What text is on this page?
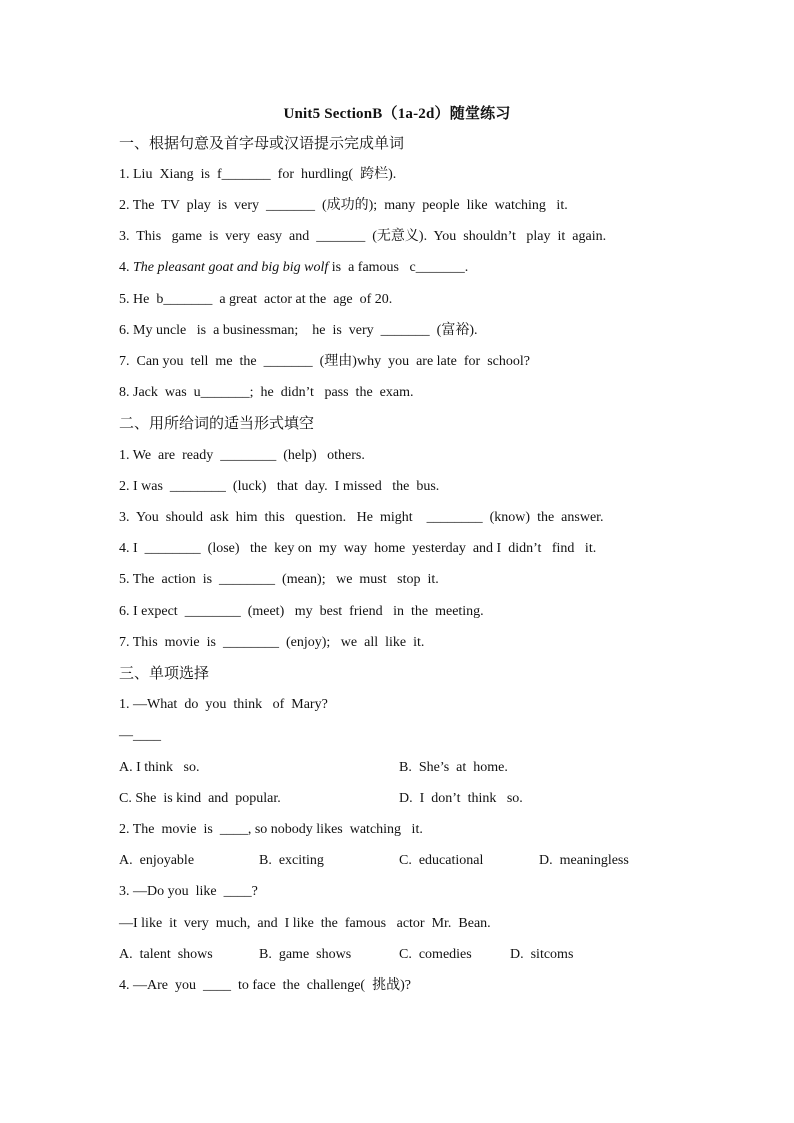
Unit5 SectionB（1a-2d）随堂练习
一、根据句意及首字母或汉语提示完成单词
1. Liu  Xiang  is  f_______  for  hurdling(  跨栏).
2. The  TV  play  is  very  _______  (成功的);  many  people  like  watching   it.
3.  This   game  is  very  easy  and  _______  (无意义).  You  shouldn’t   play  it  again.
4. The pleasant goat and big big wolf is  a famous   c_______.
5. He  b_______  a great  actor at the  age  of 20.
6. My uncle   is  a businessman;    he  is  very  _______  (富裕).
7.  Can you  tell  me  the  _______  (理由)why  you  are late  for  school?
8. Jack  was  u_______;  he  didn’t   pass  the  exam.
二、用所给词的适当形式填空
1. We  are  ready  ________  (help)   others.
2. I was  ________  (luck)   that  day.  I missed   the  bus.
3.  You  should  ask  him  this   question.   He  might    ________  (know)  the  answer.
4. I  ________  (lose)   the  key on  my  way  home  yesterday  and I  didn’t   find   it.
5. The  action  is  ________  (mean);   we  must   stop  it.
6. I expect  ________  (meet)   my  best  friend   in  the  meeting.
7. This  movie  is  ________  (enjoy);   we  all  like  it.
三、单项选择
1. —What  do  you  think   of  Mary?
—____
A. I think   so.	B.  She’s  at  home.
C. She  is kind  and  popular.	D.  I  don’t  think   so.
2. The  movie  is  ____, so nobody likes  watching   it.
A.  enjoyable	B.  exciting	C.  educational	D.  meaningless
3. —Do you  like  ____?
—I like  it  very  much,  and  I like  the  famous   actor  Mr.  Bean.
A.  talent  shows	B.  game  shows	C.  comedies	D.  sitcoms
4. —Are  you  ____  to face  the  challenge(  挑战)?
